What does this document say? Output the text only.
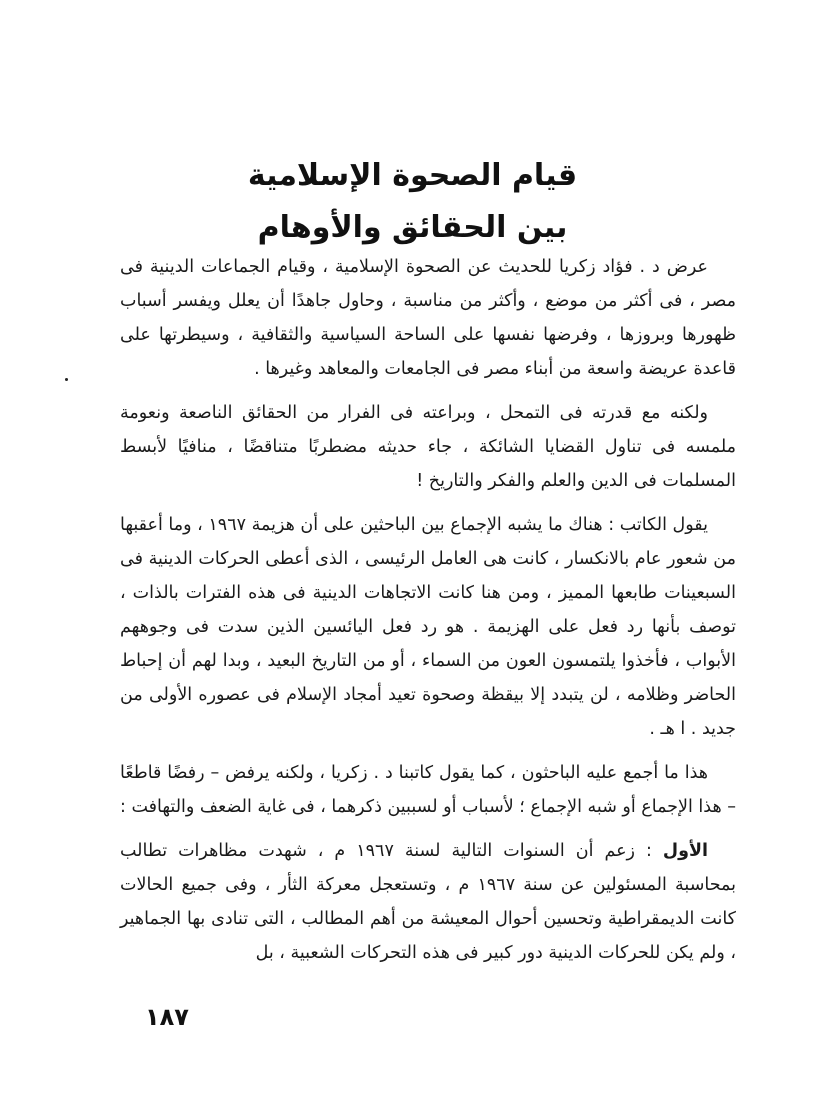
قيام الصحوة الإسلامية
بين الحقائق والأوهام

عرض د . فؤاد زكريا للحديث عن الصحوة الإسلامية ، وقيام الجماعات الدينية فى مصر ، فى أكثر من موضع ، وأكثر من مناسبة ، وحاول جاهدًا أن يعلل ويفسر أسباب ظهورها وبروزها ، وفرضها نفسها على الساحة السياسية والثقافية ، وسيطرتها على قاعدة عريضة واسعة من أبناء مصر فى الجامعات والمعاهد وغيرها .

ولكنه مع قدرته فى التمحل ، وبراعته فى الفرار من الحقائق الناصعة ونعومة ملمسه فى تناول القضايا الشائكة ، جاء حديثه مضطربًا متناقضًا ، منافيًا لأبسط المسلمات فى الدين والعلم والفكر والتاريخ !

يقول الكاتب : هناك ما يشبه الإجماع بين الباحثين على أن هزيمة ١٩٦٧ ، وما أعقبها من شعور عام بالانكسار ، كانت هى العامل الرئيسى ، الذى أعطى الحركات الدينية فى السبعينات طابعها المميز ، ومن هنا كانت الاتجاهات الدينية فى هذه الفترات بالذات ، توصف بأنها رد فعل على الهزيمة . هو رد فعل اليائسين الذين سدت فى وجوههم الأبواب ، فأخذوا يلتمسون العون من السماء ، أو من التاريخ البعيد ، وبدا لهم أن إحباط الحاضر وظلامه ، لن يتبدد إلا بيقظة وصحوة تعيد أمجاد الإسلام فى عصوره الأولى من جديد . ا هـ .

هذا ما أجمع عليه الباحثون ، كما يقول كاتبنا د . زكريا ، ولكنه يرفض – رفضًا قاطعًا – هذا الإجماع أو شبه الإجماع ؛ لأسباب أو لسببين ذكرهما ، فى غاية الضعف والتهافت :

الأول : زعم أن السنوات التالية لسنة ١٩٦٧ م ، شهدت مظاهرات تطالب بمحاسبة المسئولين عن سنة ١٩٦٧ م ، وتستعجل معركة الثأر ، وفى جميع الحالات كانت الديمقراطية وتحسين أحوال المعيشة من أهم المطالب ، التى تنادى بها الجماهير ، ولم يكن للحركات الدينية دور كبير فى هذه التحركات الشعبية ، بل

١٨٧
